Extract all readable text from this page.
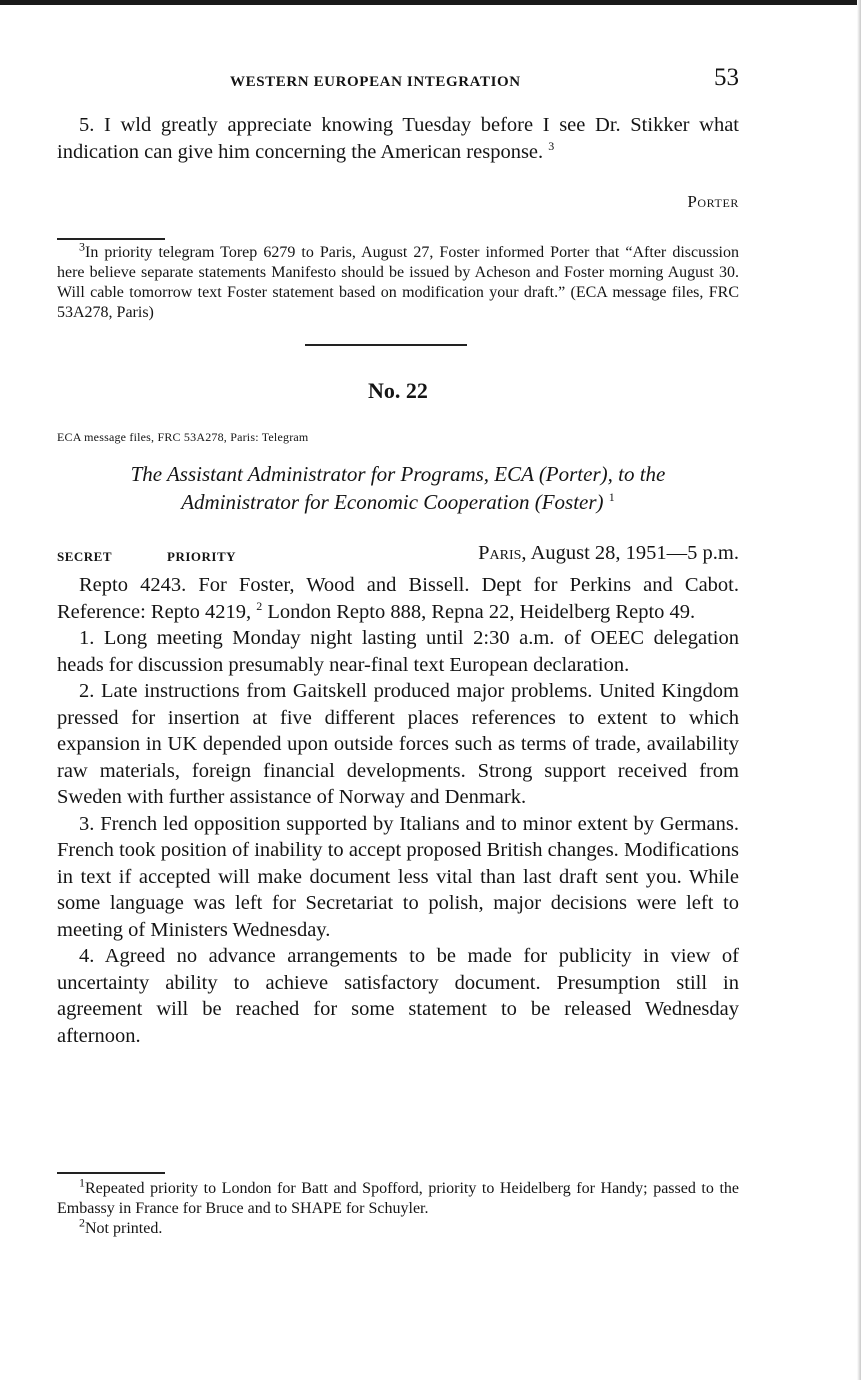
WESTERN EUROPEAN INTEGRATION	53

5. I wld greatly appreciate knowing Tuesday before I see Dr. Stikker what indication can give him concerning the American response. $^3$

Porter

$^3$In priority telegram Torep 6279 to Paris, August 27, Foster informed Porter that “After discussion here believe separate statements Manifesto should be issued by Acheson and Foster morning August 30. Will cable tomorrow text Foster statement based on modification your draft.” (ECA message files, FRC 53A278, Paris)

No. 22
ECA message files, FRC 53A278, Paris: Telegram
The Assistant Administrator for Programs, ECA (Porter), to the Administrator for Economic Cooperation (Foster) $^1$
SECRET	PRIORITY	Paris, August 28, 1951—5 p.m.

Repto 4243. For Foster, Wood and Bissell. Dept for Perkins and Cabot. Reference: Repto 4219, $^2$ London Repto 888, Repna 22, Heidelberg Repto 49.

1. Long meeting Monday night lasting until 2:30 a.m. of OEEC delegation heads for discussion presumably near-final text European declaration.

2. Late instructions from Gaitskell produced major problems. United Kingdom pressed for insertion at five different places references to extent to which expansion in UK depended upon outside forces such as terms of trade, availability raw materials, foreign financial developments. Strong support received from Sweden with further assistance of Norway and Denmark.

3. French led opposition supported by Italians and to minor extent by Germans. French took position of inability to accept proposed British changes. Modifications in text if accepted will make document less vital than last draft sent you. While some language was left for Secretariat to polish, major decisions were left to meeting of Ministers Wednesday.

4. Agreed no advance arrangements to be made for publicity in view of uncertainty ability to achieve satisfactory document. Presumption still in agreement will be reached for some statement to be released Wednesday afternoon.

$^1$Repeated priority to London for Batt and Spofford, priority to Heidelberg for Handy; passed to the Embassy in France for Bruce and to SHAPE for Schuyler.

$^2$Not printed.
